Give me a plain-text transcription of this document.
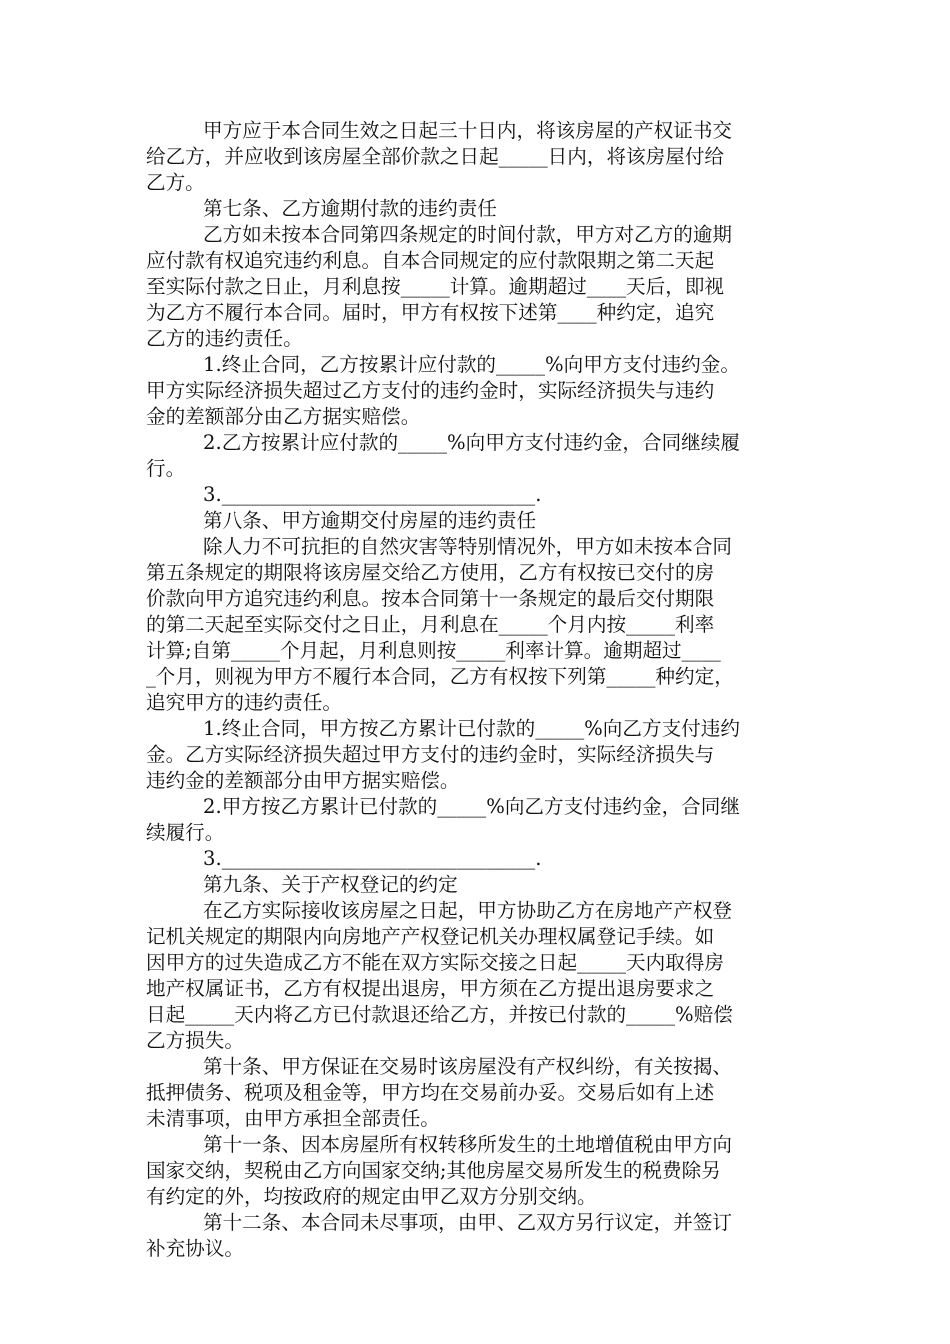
甲方应于本合同生效之日起三十日内，将该房屋的产权证书交
给乙方，并应收到该房屋全部价款之日起_____日内，将该房屋付给
乙方。
第七条、乙方逾期付款的违约责任
乙方如未按本合同第四条规定的时间付款，甲方对乙方的逾期
应付款有权追究违约利息。自本合同规定的应付款限期之第二天起
至实际付款之日止，月利息按_____计算。逾期超过____天后，即视
为乙方不履行本合同。届时，甲方有权按下述第____种约定，追究
乙方的违约责任。
1.终止合同，乙方按累计应付款的_____%向甲方支付违约金。
甲方实际经济损失超过乙方支付的违约金时，实际经济损失与违约
金的差额部分由乙方据实赔偿。
2.乙方按累计应付款的_____%向甲方支付违约金，合同继续履
行。
3.________________________________.
第八条、甲方逾期交付房屋的违约责任
除人力不可抗拒的自然灾害等特别情况外，甲方如未按本合同
第五条规定的期限将该房屋交给乙方使用，乙方有权按已交付的房
价款向甲方追究违约利息。按本合同第十一条规定的最后交付期限
的第二天起至实际交付之日止，月利息在_____个月内按_____利率
计算;自第_____个月起，月利息则按_____利率计算。逾期超过____
_个月，则视为甲方不履行本合同，乙方有权按下列第_____种约定，
追究甲方的违约责任。
1.终止合同，甲方按乙方累计已付款的_____%向乙方支付违约
金。乙方实际经济损失超过甲方支付的违约金时，实际经济损失与
违约金的差额部分由甲方据实赔偿。
2.甲方按乙方累计已付款的_____%向乙方支付违约金，合同继
续履行。
3.________________________________.
第九条、关于产权登记的约定
在乙方实际接收该房屋之日起，甲方协助乙方在房地产产权登
记机关规定的期限内向房地产产权登记机关办理权属登记手续。如
因甲方的过失造成乙方不能在双方实际交接之日起_____天内取得房
地产权属证书，乙方有权提出退房，甲方须在乙方提出退房要求之
日起_____天内将乙方已付款退还给乙方，并按已付款的_____%赔偿
乙方损失。
第十条、甲方保证在交易时该房屋没有产权纠纷，有关按揭、
抵押债务、税项及租金等，甲方均在交易前办妥。交易后如有上述
未清事项，由甲方承担全部责任。
第十一条、因本房屋所有权转移所发生的土地增值税由甲方向
国家交纳，契税由乙方向国家交纳;其他房屋交易所发生的税费除另
有约定的外，均按政府的规定由甲乙双方分别交纳。
第十二条、本合同未尽事项，由甲、乙双方另行议定，并签订
补充协议。
